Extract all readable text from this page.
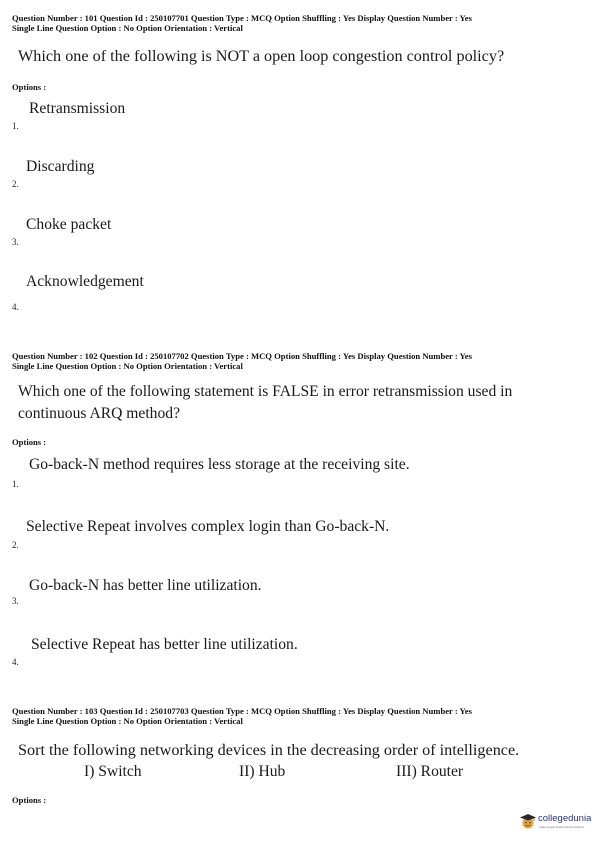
Question Number : 101 Question Id : 250107701 Question Type : MCQ Option Shuffling : Yes Display Question Number : Yes
Single Line Question Option : No Option Orientation : Vertical
Which one of the following is NOT a open loop congestion control policy?
Options :
Retransmission
1.
Discarding
2.
Choke packet
3.
Acknowledgement
4.
Question Number : 102 Question Id : 250107702 Question Type : MCQ Option Shuffling : Yes Display Question Number : Yes
Single Line Question Option : No Option Orientation : Vertical
Which one of the following statement is FALSE in error retransmission used in
continuous ARQ method?
Options :
Go-back-N method requires less storage at the receiving site.
1.
Selective Repeat involves complex login than Go-back-N.
2.
Go-back-N has better line utilization.
3.
Selective Repeat has better line utilization.
4.
Question Number : 103 Question Id : 250107703 Question Type : MCQ Option Shuffling : Yes Display Question Number : Yes
Single Line Question Option : No Option Orientation : Vertical
Sort the following networking devices in the decreasing order of intelligence.
I) Switch	II) Hub	III) Router
Options :
collegedunia
India's largest Student Review Platform
